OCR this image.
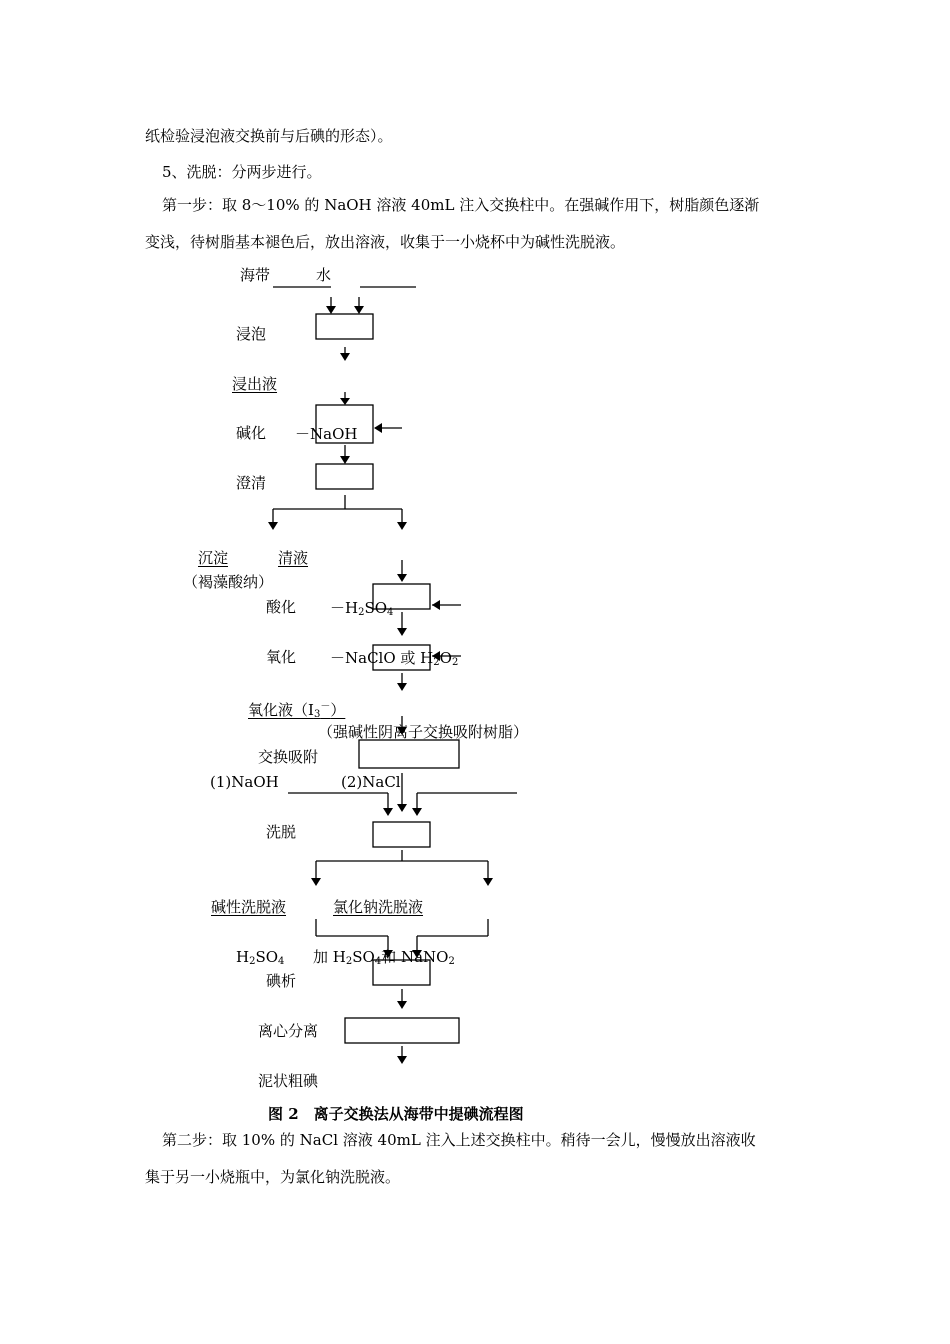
纸检验浸泡液交换前与后碘的形态）。
5、洗脱：分两步进行。
第一步：取 8～10% 的 NaOH 溶液 40mL 注入交换柱中。在强碱作用下，树脂颜色逐渐
变浅，待树脂基本褪色后，放出溶液，收集于一小烧杯中为碱性洗脱液。
海带	水
浸泡
浸出液
碱化 －NaOH
澄清
沉淀	清液
（褐藻酸纳）
酸化 $-H_2SO_4$
氧化 －NaClO 或 $H_2O_2$
氧化液$(I_3^-)$
（强碱性阴离子交换吸附树脂）
交换吸附
(1)NaOH	(2)NaCl
洗脱
碱性洗脱液	氯化钠洗脱液
$H_2SO_4$ 加 $H_2SO_4$和 NaNO$_2$
碘析
离心分离
泥状粗碘
图 2　离子交换法从海带中提碘流程图
第二步：取 10% 的 NaCl 溶液 40mL 注入上述交换柱中。稍待一会儿，慢慢放出溶液收
集于另一小烧瓶中，为氯化钠洗脱液。
